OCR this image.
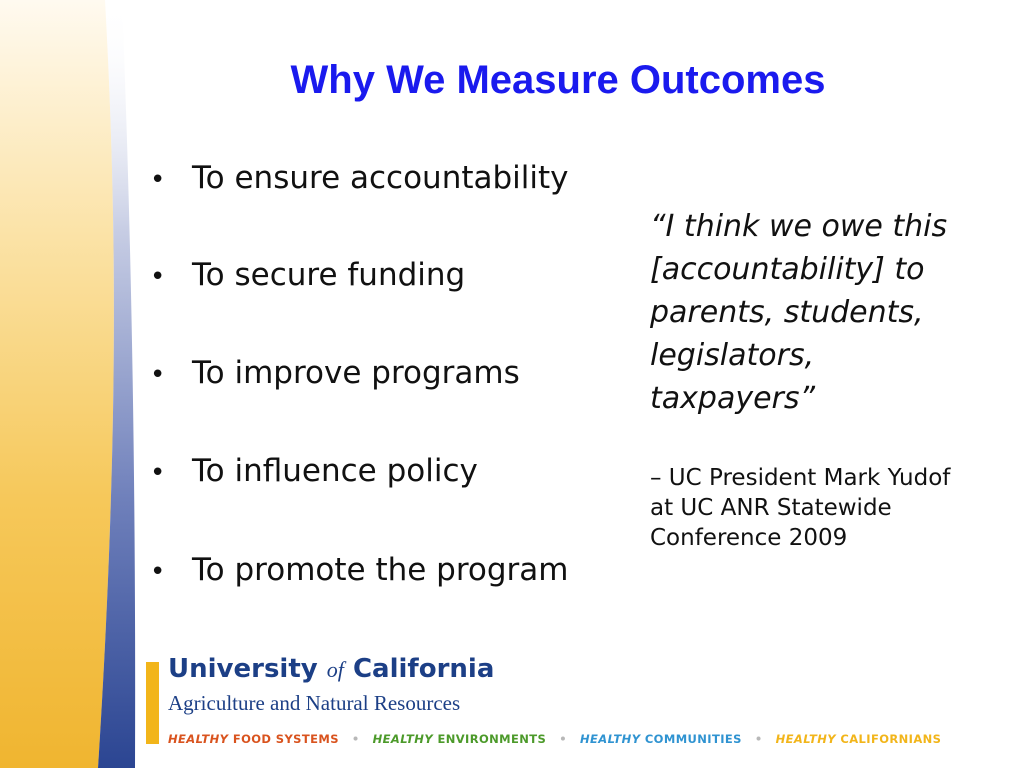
Why We Measure Outcomes
• To ensure accountability
• To secure funding
• To improve programs
• To influence policy
• To promote the program

“I think we owe this
[accountability] to
parents, students,
legislators,
taxpayers”

– UC President Mark Yudof
at UC ANR Statewide
Conference 2009

University of California
Agriculture and Natural Resources
HEALTHY FOOD SYSTEMS • HEALTHY ENVIRONMENTS • HEALTHY COMMUNITIES • HEALTHY CALIFORNIANS
